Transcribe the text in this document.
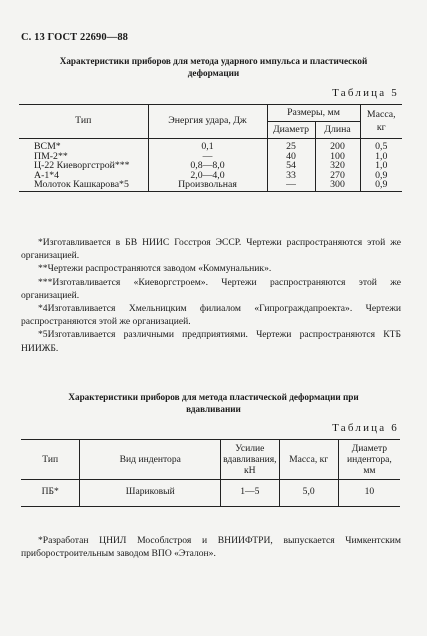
С. 13 ГОСТ 22690—88
Характеристики приборов для метода ударного импульса и пластической
деформации
Таблица 5
Тип	Энергия удара, Дж	Размеры, мм		Масса, кг
		Диаметр	Длина	
ВСМ*	0,1	25	200	0,5
ПМ-2**	—	40	100	1,0
Ц-22 Киеворгстрой***	0,8—8,0	54	320	1,0
А-1*4	2,0—4,0	33	270	0,9
Молоток Кашкарова*5	Произвольная	—	300	0,9

*Изготавливается в БВ НИИС Госстроя ЭССР. Чертежи распространяются этой же организацией.

**Чертежи распространяются заводом «Коммунальник».

***Изготавливается «Киеворгстроем». Чертежи распространяются этой же организацией.

*4Изготавливается Хмельницким филиалом «Гипрограждапроекта». Чертежи распространяются этой же организацией.

*5Изготавливается различными предприятиями. Чертежи распространяются КТБ НИИЖБ.

Характеристики приборов для метода пластической деформации при
вдавливании
Таблица 6
Тип	Вид индентора	Усилие вдавливания, кН	Масса, кг	Диаметр индентора, мм
ПБ*	Шариковый	1—5	5,0	10

*Разработан ЦНИЛ Мособлстроя и ВНИИФТРИ, выпускается Чимкентским приборостроительным заводом ВПО «Эталон».
